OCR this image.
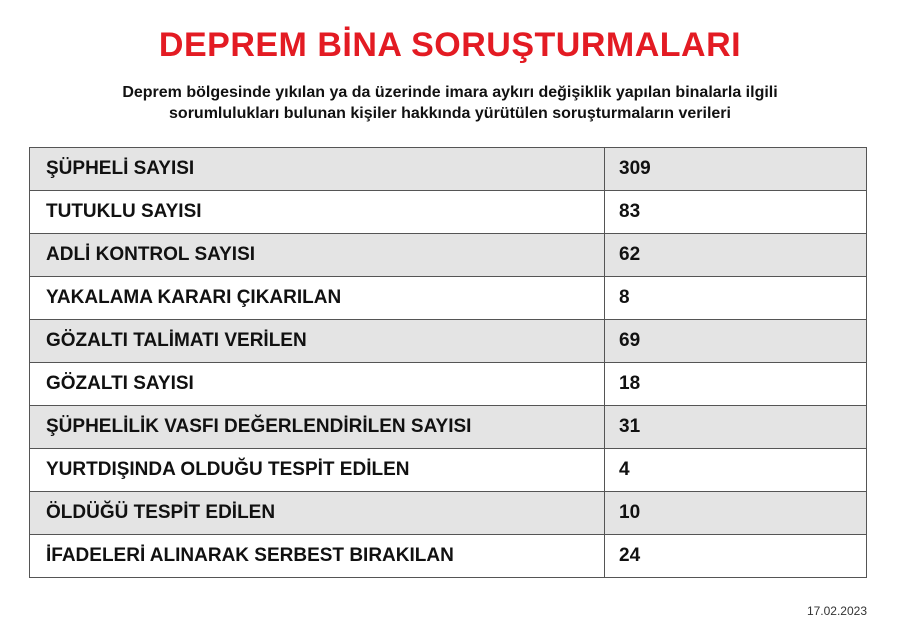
DEPREM BİNA SORUŞTURMALARI
Deprem bölgesinde yıkılan ya da üzerinde imara aykırı değişiklik yapılan binalarla ilgili
sorumlulukları bulunan kişiler hakkında yürütülen soruşturmaların verileri
ŞÜPHELİ SAYISI	309
TUTUKLU SAYISI	83
ADLİ KONTROL SAYISI	62
YAKALAMA KARARI ÇIKARILAN	8
GÖZALTI TALİMATI VERİLEN	69
GÖZALTI SAYISI	18
ŞÜPHELİLİK VASFI DEĞERLENDİRİLEN SAYISI	31
YURTDIŞINDA OLDUĞU TESPİT EDİLEN	4
ÖLDÜĞÜ TESPİT EDİLEN	10
İFADELERİ ALINARAK SERBEST BIRAKILAN	24
17.02.2023
